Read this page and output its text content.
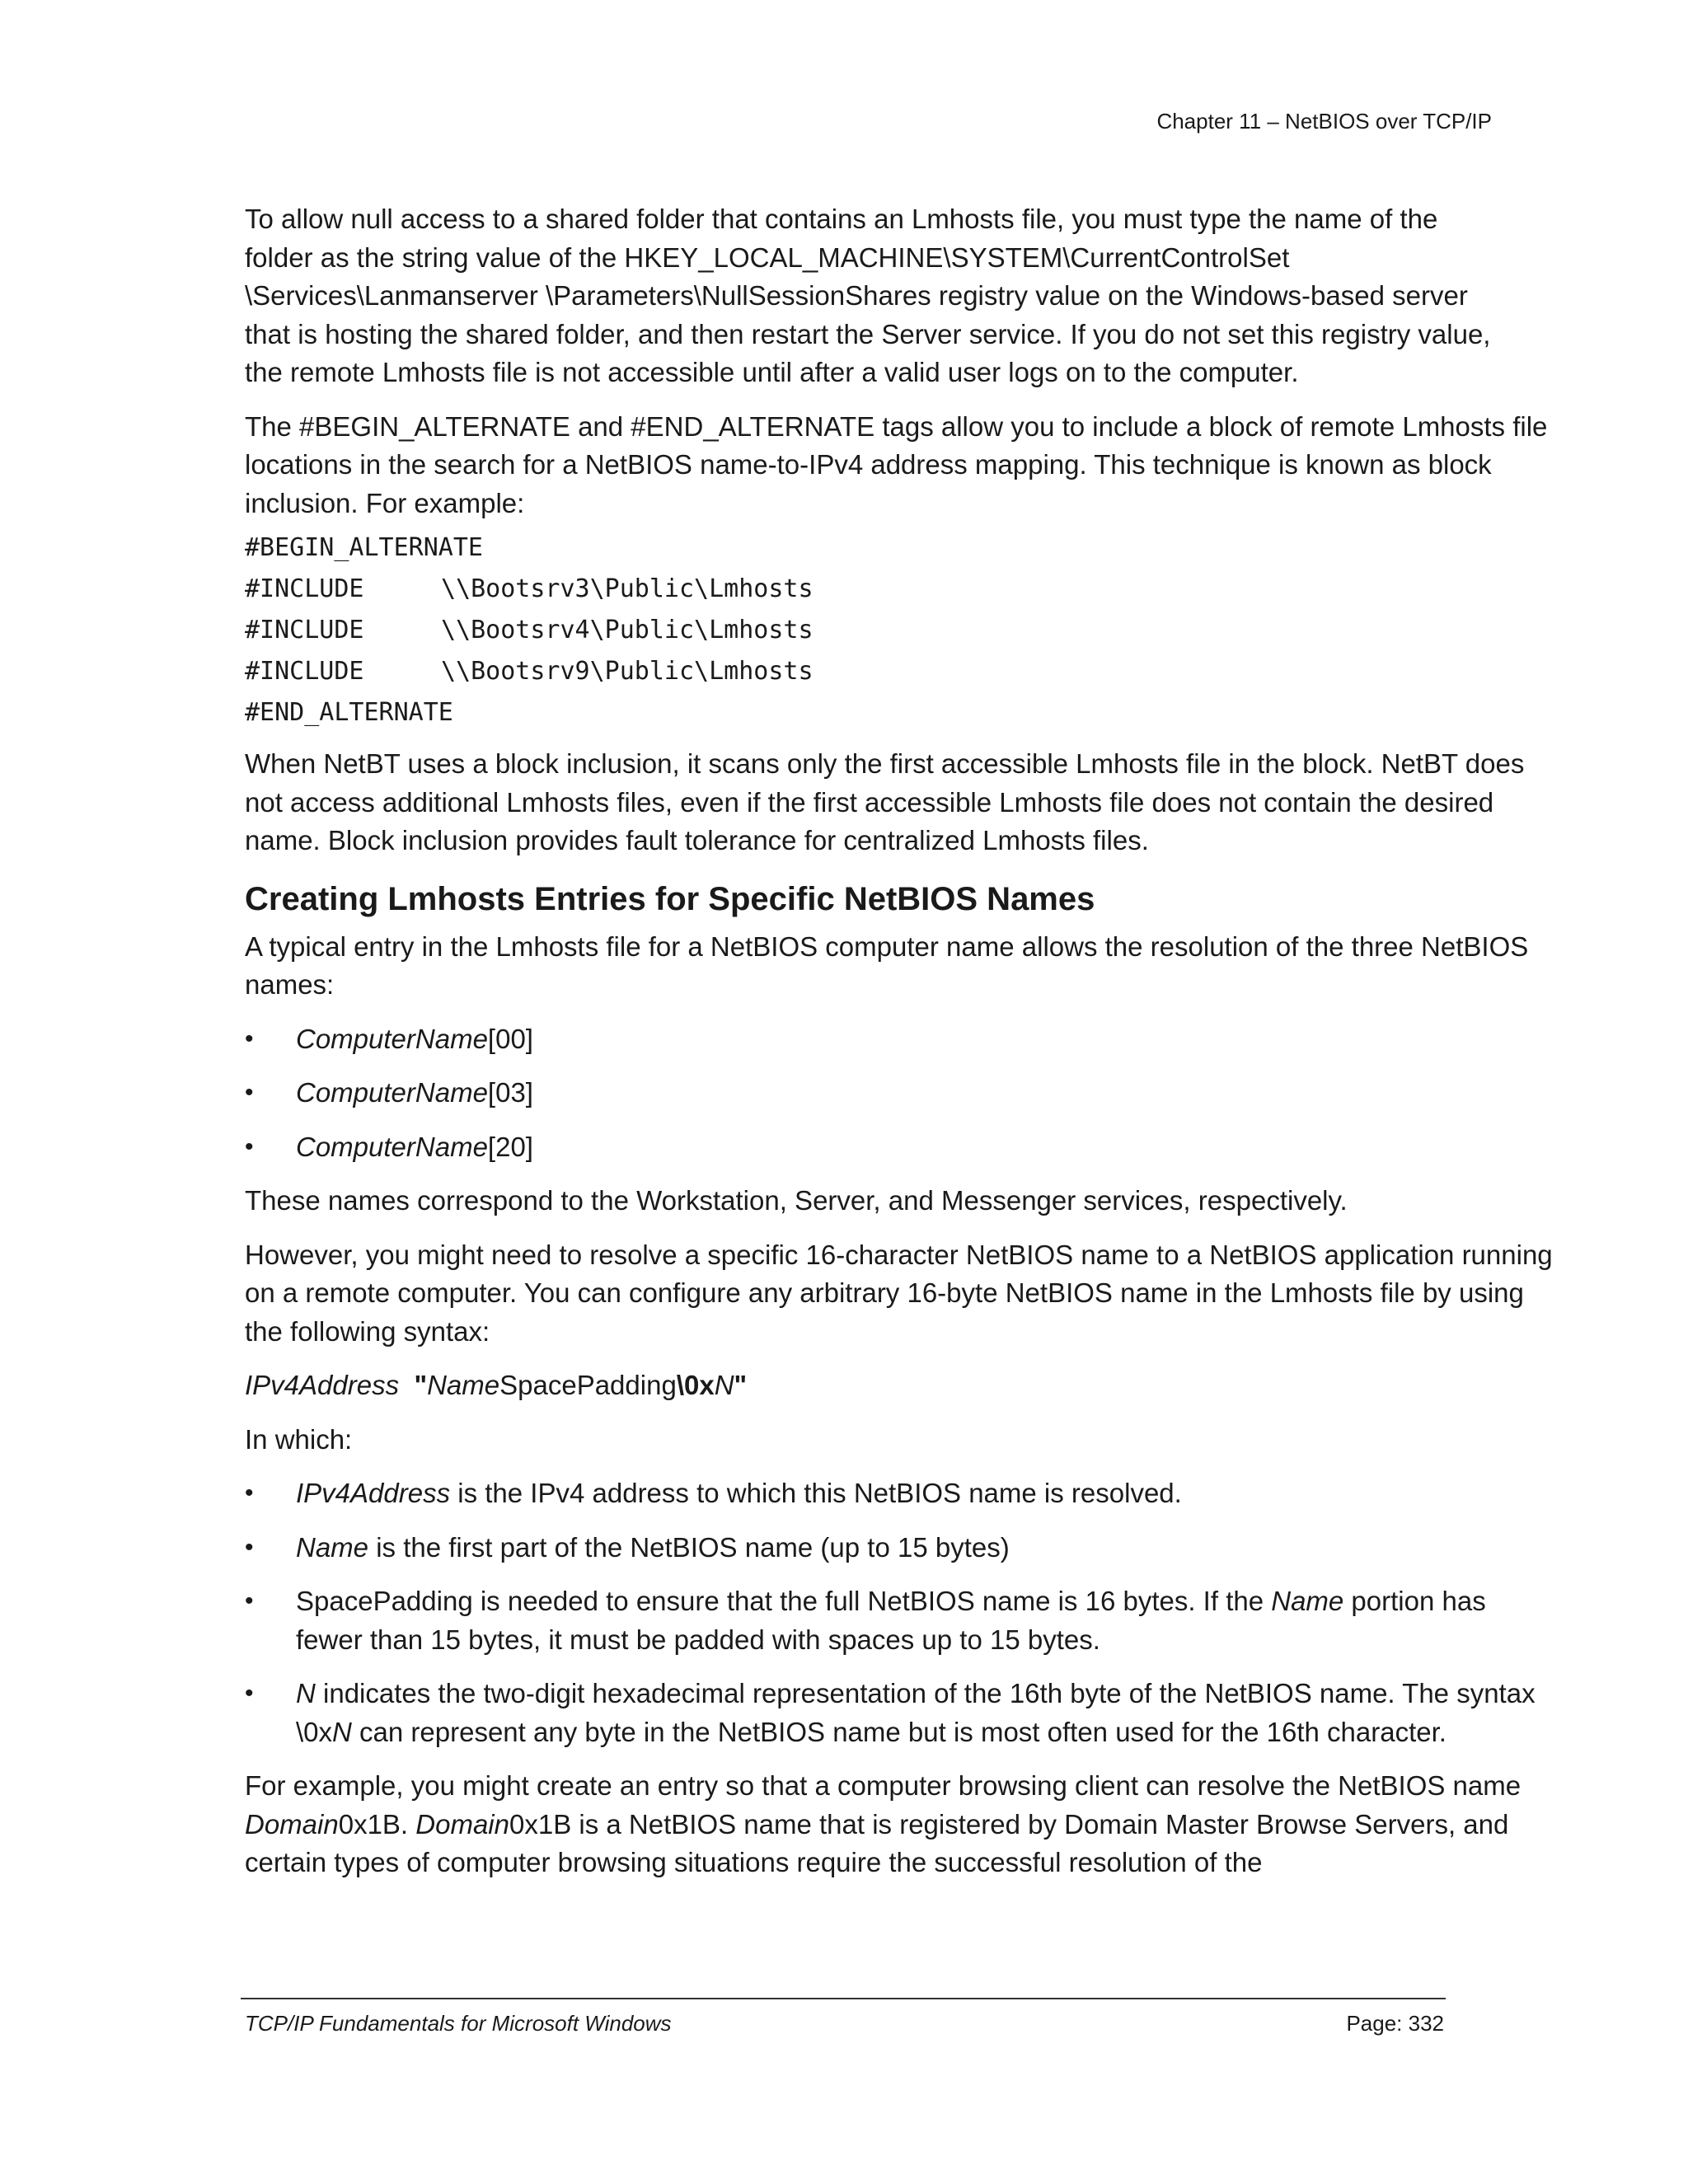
Chapter 11 – NetBIOS over TCP/IP

To allow null access to a shared folder that contains an Lmhosts file, you must type the name of the
folder as the string value of the HKEY_LOCAL_MACHINE\SYSTEM\CurrentControlSet
\Services\Lanmanserver \Parameters\NullSessionShares registry value on the Windows-based server
that is hosting the shared folder, and then restart the Server service. If you do not set this registry value,
the remote Lmhosts file is not accessible until after a valid user logs on to the computer.

The #BEGIN_ALTERNATE and #END_ALTERNATE tags allow you to include a block of remote Lmhosts file locations in the search for a NetBIOS name-to-IPv4 address mapping. This technique is known as block inclusion. For example:

#BEGIN_ALTERNATE
#INCLUDE	\\Bootsrv3\Public\Lmhosts
#INCLUDE	\\Bootsrv4\Public\Lmhosts
#INCLUDE	\\Bootsrv9\Public\Lmhosts
#END_ALTERNATE

When NetBT uses a block inclusion, it scans only the first accessible Lmhosts file in the block. NetBT does not access additional Lmhosts files, even if the first accessible Lmhosts file does not contain the desired name. Block inclusion provides fault tolerance for centralized Lmhosts files.

Creating Lmhosts Entries for Specific NetBIOS Names

A typical entry in the Lmhosts file for a NetBIOS computer name allows the resolution of the three NetBIOS names:

• ComputerName[00]
• ComputerName[03]
• ComputerName[20]

These names correspond to the Workstation, Server, and Messenger services, respectively.

However, you might need to resolve a specific 16-character NetBIOS name to a NetBIOS application running on a remote computer. You can configure any arbitrary 16-byte NetBIOS name in the Lmhosts file by using the following syntax:

IPv4Address "NameSpacePadding\0xN"

In which:

• IPv4Address is the IPv4 address to which this NetBIOS name is resolved.
• Name is the first part of the NetBIOS name (up to 15 bytes)
• SpacePadding is needed to ensure that the full NetBIOS name is 16 bytes. If the Name portion has fewer than 15 bytes, it must be padded with spaces up to 15 bytes.
• N indicates the two-digit hexadecimal representation of the 16th byte of the NetBIOS name. The syntax \0xN can represent any byte in the NetBIOS name but is most often used for the 16th character.

For example, you might create an entry so that a computer browsing client can resolve the NetBIOS name Domain0x1B. Domain0x1B is a NetBIOS name that is registered by Domain Master Browse Servers, and certain types of computer browsing situations require the successful resolution of the

TCP/IP Fundamentals for Microsoft Windows	Page: 332
